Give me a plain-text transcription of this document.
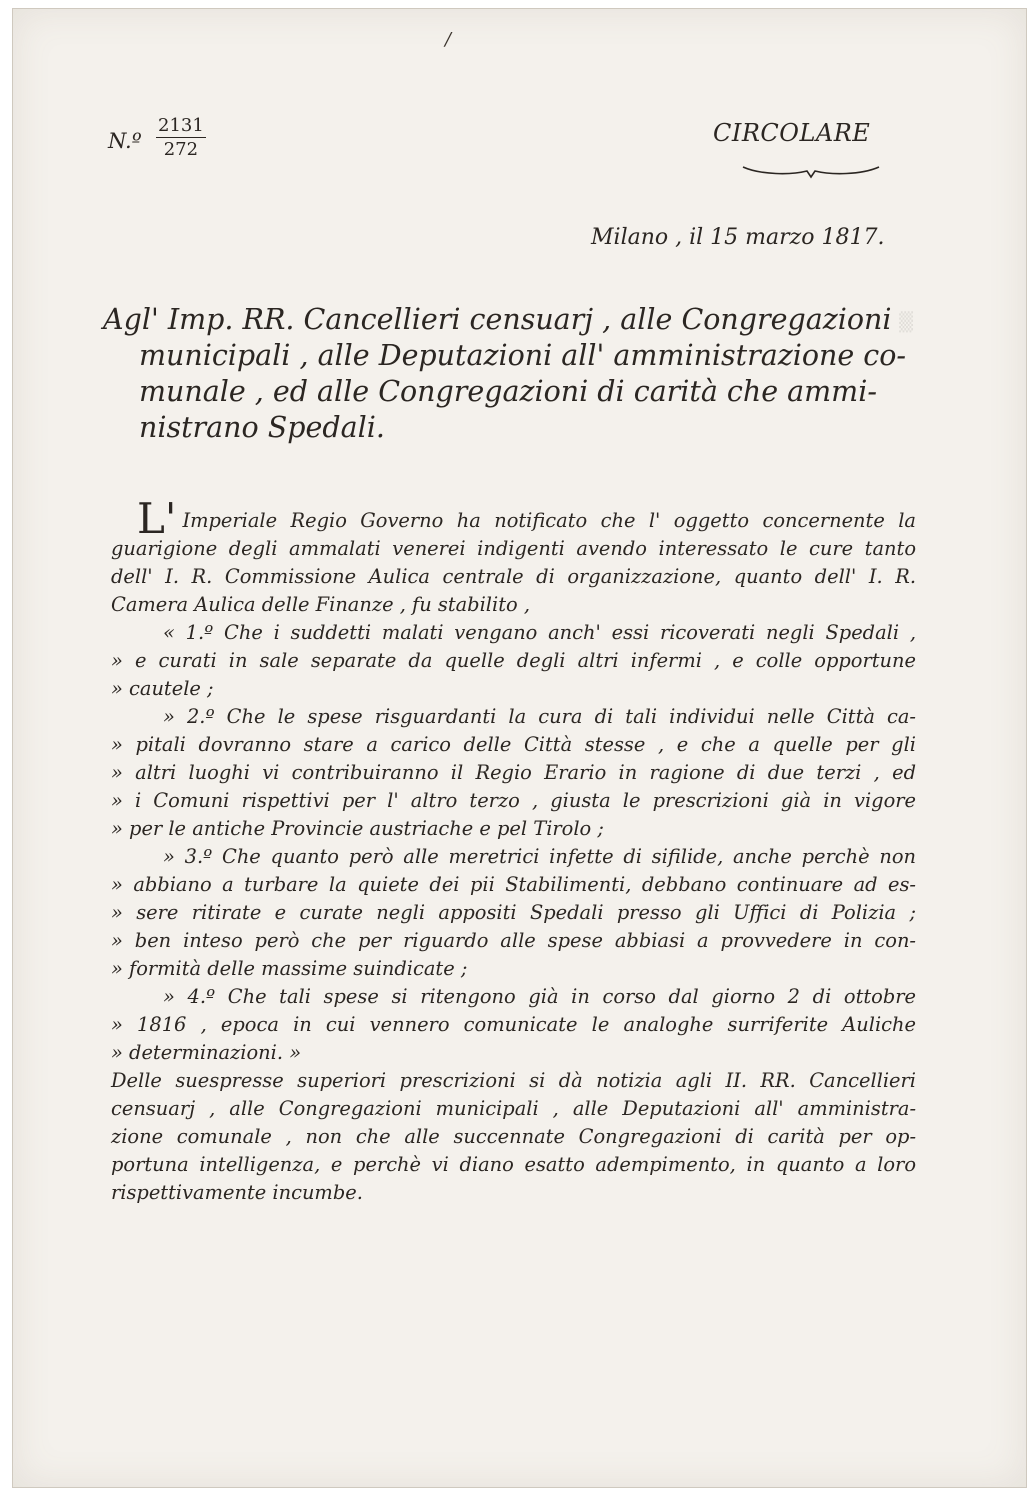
/
N.º $\frac{2131}{272}$	CIRCOLARE
Milano , il 15 marzo 1817.
▒
Agl' Imp. RR. Cancellieri censuarj , alle Congregazioni
municipali , alle Deputazioni all' amministrazione co-
munale , ed alle Congregazioni di carità che ammi-
nistrano Spedali.
L' Imperiale Regio Governo ha notificato che l' oggetto concernente la
guarigione degli ammalati venerei indigenti avendo interessato le cure tanto
dell' I. R. Commissione Aulica centrale di organizzazione, quanto dell' I. R.
Camera Aulica delle Finanze , fu stabilito ,
« 1.º Che i suddetti malati vengano anch' essi ricoverati negli Spedali ,
» e curati in sale separate da quelle degli altri infermi , e colle opportune
» cautele ;
» 2.º Che le spese risguardanti la cura di tali individui nelle Città ca-
» pitali dovranno stare a carico delle Città stesse , e che a quelle per gli
» altri luoghi vi contribuiranno il Regio Erario in ragione di due terzi , ed
» i Comuni rispettivi per l' altro terzo , giusta le prescrizioni già in vigore
» per le antiche Provincie austriache e pel Tirolo ;
» 3.º Che quanto però alle meretrici infette di sifilide, anche perchè non
» abbiano a turbare la quiete dei pii Stabilimenti, debbano continuare ad es-
» sere ritirate e curate negli appositi Spedali presso gli Uffici di Polizia ;
» ben inteso però che per riguardo alle spese abbiasi a provvedere in con-
» formità delle massime suindicate ;
» 4.º Che tali spese si ritengono già in corso dal giorno 2 di ottobre
» 1816 , epoca in cui vennero comunicate le analoghe surriferite Auliche
» determinazioni. »
Delle suespresse superiori prescrizioni si dà notizia agli II. RR. Cancellieri
censuarj , alle Congregazioni municipali , alle Deputazioni all' amministra-
zione comunale , non che alle succennate Congregazioni di carità per op-
portuna intelligenza, e perchè vi diano esatto adempimento, in quanto a loro
rispettivamente incumbe.
